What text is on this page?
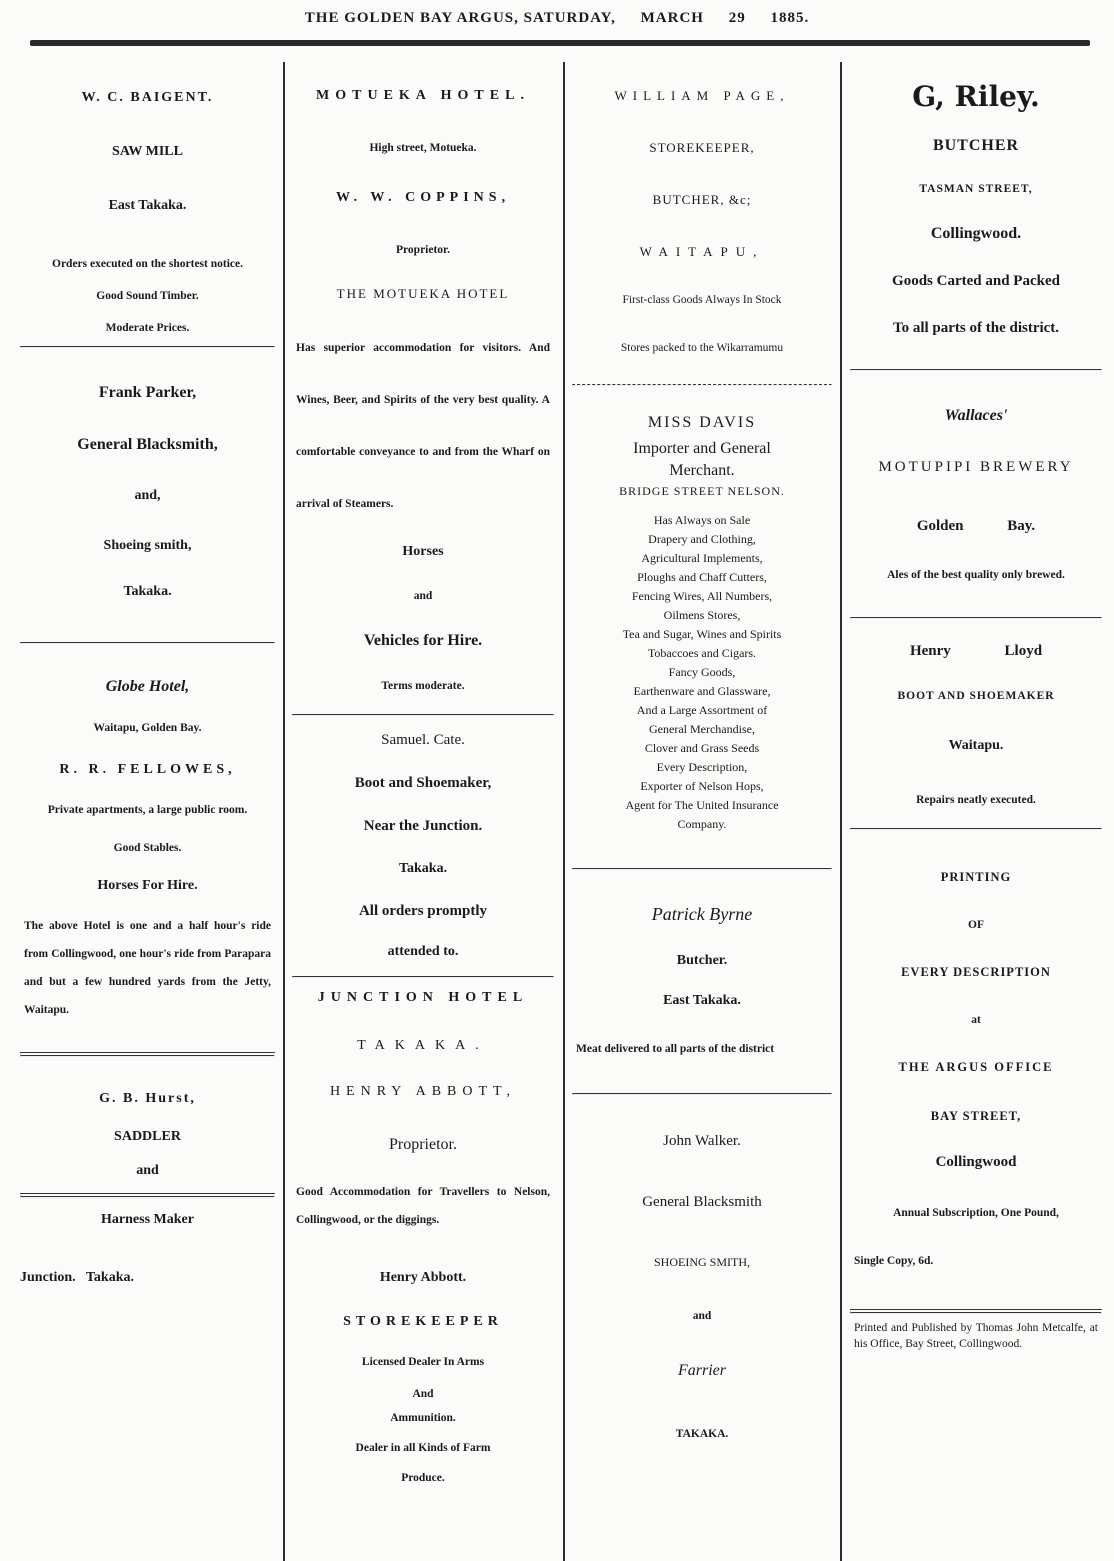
THE GOLDEN BAY ARGUS, SATURDAY, MARCH 29 1885.

W. C. BAIGENT.

SAW MILL

East Takaka.

Orders executed on the shortest notice.

Good Sound Timber.

Moderate Prices.

Frank Parker,

General Blacksmith,

and,

Shoeing smith,

Takaka.

Globe Hotel,

Waitapu, Golden Bay.

R. R. FELLOWES,

Private apartments, a large public room.

Good Stables.

Horses For Hire.

The above Hotel is one and a half hour's ride from Collingwood, one hour's ride from Parapara and but a few hundred yards from the Jetty, Waitapu.

G. B. Hurst,

SADDLER

and

Harness Maker

Junction.   Takaka.

MOTUEKA HOTEL.

High street, Motueka.

W. W. COPPINS,

Proprietor.

THE MOTUEKA HOTEL

Has superior accommodation for visitors. And Wines, Beer, and Spirits of the very best quality. A comfortable conveyance to and from the Wharf on arrival of Steamers.

Horses

and

Vehicles for Hire.

Terms moderate.

Samuel. Cate.

Boot and Shoemaker,

Near the Junction.

Takaka.

All orders promptly

attended to.

JUNCTION HOTEL

TAKAKA.

HENRY ABBOTT,

Proprietor.

Good Accommodation for Travellers to Nelson, Collingwood, or the diggings.

Henry Abbott.

STOREKEEPER

Licensed Dealer In Arms

And

Ammunition.

Dealer in all Kinds of Farm

Produce.

WILLIAM PAGE,

STOREKEEPER,

BUTCHER, &c;

WAITAPU,

First-class Goods Always In Stock

Stores packed to the Wikarramumu

MISS DAVIS

Importer and General

Merchant.

BRIDGE STREET NELSON.

Has Always on Sale

Drapery and Clothing,

Agricultural Implements,

Ploughs and Chaff Cutters,

Fencing Wires, All Numbers,

Oilmens Stores,

Tea and Sugar, Wines and Spirits

Tobaccoes and Cigars.

Fancy Goods,

Earthenware and Glassware,

And a Large Assortment of

General Merchandise,

Clover and Grass Seeds

Every Description,

Exporter of Nelson Hops,

Agent for The United Insurance

Company.

Patrick Byrne

Butcher.

East Takaka.

Meat delivered to all parts of the district

John Walker.

General Blacksmith

SHOEING SMITH,

and

Farrier

TAKAKA.

G, Riley.

BUTCHER

TASMAN STREET,

Collingwood.

Goods Carted and Packed

To all parts of the district.

Wallaces'

MOTUPIPI BREWERY

Golden Bay.

Ales of the best quality only brewed.

Henry Lloyd

BOOT AND SHOEMAKER

Waitapu.

Repairs neatly executed.

PRINTING

OF

EVERY DESCRIPTION

at

THE ARGUS OFFICE

BAY STREET,

Collingwood

Annual Subscription, One Pound,

Single Copy, 6d.

Printed and Published by Thomas John Metcalfe, at his Office, Bay Street, Collingwood.
